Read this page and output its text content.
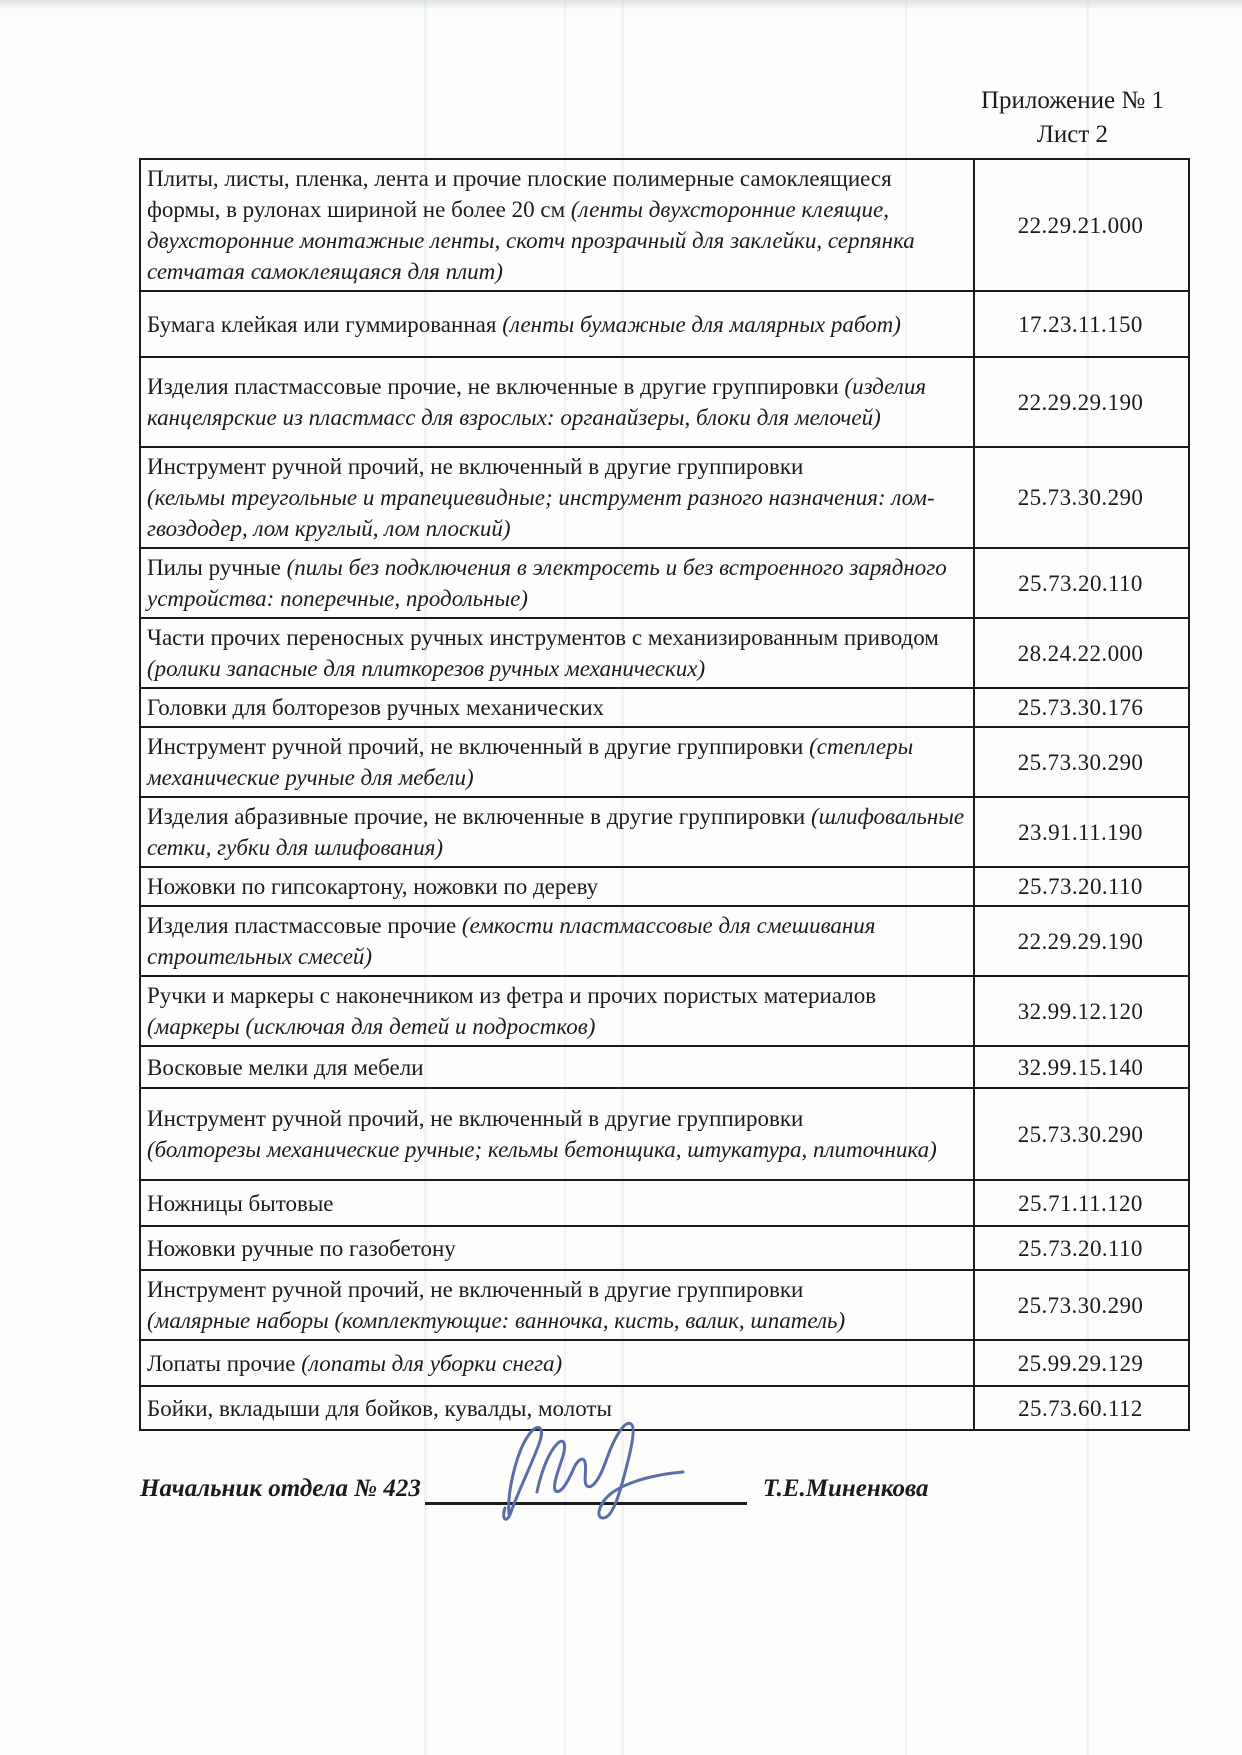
Приложение № 1
Лист 2
Плиты, листы, пленка, лента и прочие плоские полимерные самоклеящиеся формы, в рулонах шириной не более 20 см (ленты двухсторонние клеящие, двухсторонние монтажные ленты, скотч прозрачный для заклейки, серпянка сетчатая самоклеящаяся для плит)	22.29.21.000
Бумага клейкая или гуммированная (ленты бумажные для малярных работ)	17.23.11.150
Изделия пластмассовые прочие, не включенные в другие группировки (изделия канцелярские из пластмасс для взрослых: органайзеры, блоки для мелочей)	22.29.29.190
Инструмент ручной прочий, не включенный в другие группировки
(кельмы треугольные и трапециевидные; инструмент разного назначения: лом-гвоздодер, лом круглый, лом плоский)	25.73.30.290
Пилы ручные (пилы без подключения в электросеть и без встроенного зарядного устройства: поперечные, продольные)	25.73.20.110
Части прочих переносных ручных инструментов с механизированным приводом (ролики запасные для плиткорезов ручных механических)	28.24.22.000
Головки для болторезов ручных механических	25.73.30.176
Инструмент ручной прочий, не включенный в другие группировки (степлеры механические ручные для мебели)	25.73.30.290
Изделия абразивные прочие, не включенные в другие группировки (шлифовальные сетки, губки для шлифования)	23.91.11.190
Ножовки по гипсокартону, ножовки по дереву	25.73.20.110
Изделия пластмассовые прочие (емкости пластмассовые для смешивания строительных смесей)	22.29.29.190
Ручки и маркеры с наконечником из фетра и прочих пористых материалов (маркеры (исключая для детей и подростков)	32.99.12.120
Восковые мелки для мебели	32.99.15.140
Инструмент ручной прочий, не включенный в другие группировки
(болторезы механические ручные; кельмы бетонщика, штукатура, плиточника)	25.73.30.290
Ножницы бытовые	25.71.11.120
Ножовки ручные по газобетону	25.73.20.110
Инструмент ручной прочий, не включенный в другие группировки
(малярные наборы (комплектующие: ванночка, кисть, валик, шпатель)	25.73.30.290
Лопаты прочие (лопаты для уборки снега)	25.99.29.129
Бойки, вкладыши для бойков, кувалды, молоты	25.73.60.112
Начальник отдела № 423	Т.Е.Миненкова
